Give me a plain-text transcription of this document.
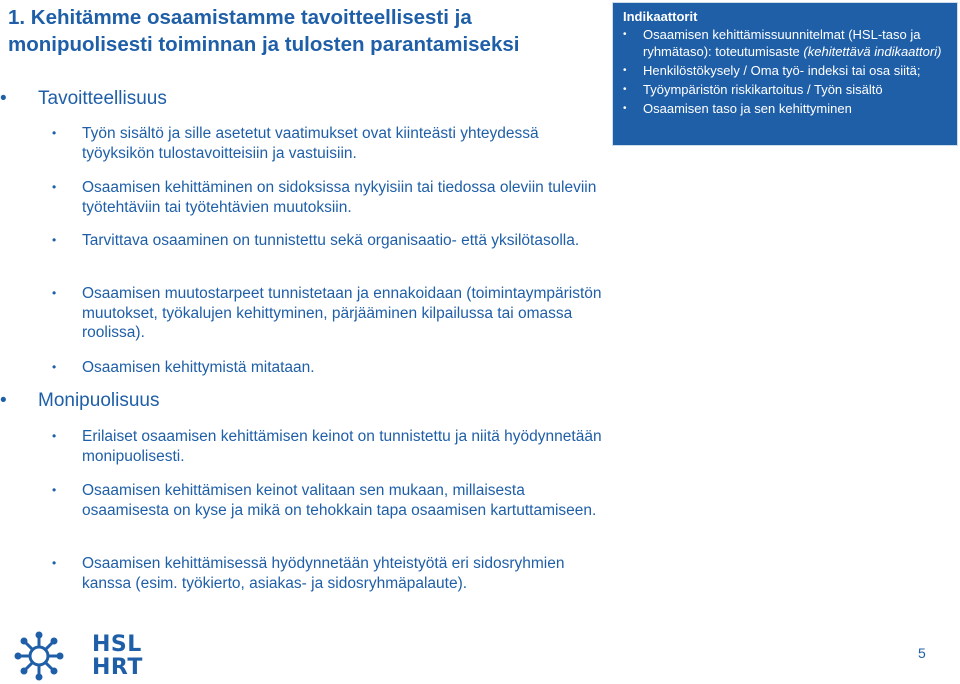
1. Kehitämme osaamistamme tavoitteellisesti ja monipuolisesti toiminnan ja tulosten parantamiseksi
• Tavoitteellisuus
• Työn sisältö ja sille asetetut vaatimukset ovat kiinteästi yhteydessä työyksikön tulostavoitteisiin ja vastuisiin.
• Osaamisen kehittäminen on sidoksissa nykyisiin tai tiedossa oleviin tuleviin työtehtäviin tai työtehtävien muutoksiin.
• Tarvittava osaaminen on tunnistettu sekä organisaatio- että yksilötasolla.
• Osaamisen muutostarpeet tunnistetaan ja ennakoidaan (toimintaympäristön muutokset, työkalujen kehittyminen, pärjääminen kilpailussa tai omassa roolissa).
• Osaamisen kehittymistä mitataan.
• Monipuolisuus
• Erilaiset osaamisen kehittämisen keinot on tunnistettu ja niitä hyödynnetään monipuolisesti.
• Osaamisen kehittämisen keinot valitaan sen mukaan, millaisesta osaamisesta on kyse ja mikä on tehokkain tapa osaamisen kartuttamiseen.
• Osaamisen kehittämisessä hyödynnetään yhteistyötä eri sidosryhmien kanssa (esim. työkierto, asiakas- ja sidosryhmäpalaute).
Indikaattorit
• Osaamisen kehittämissuunnitelmat (HSL-taso ja ryhmätaso): toteutumisaste (kehitettävä indikaattori)
• Henkilöstökysely / Oma työ- indeksi tai osa siitä;
• Työympäristön riskikartoitus / Työn sisältö
• Osaamisen taso ja sen kehittyminen
HSL
HRT
5
